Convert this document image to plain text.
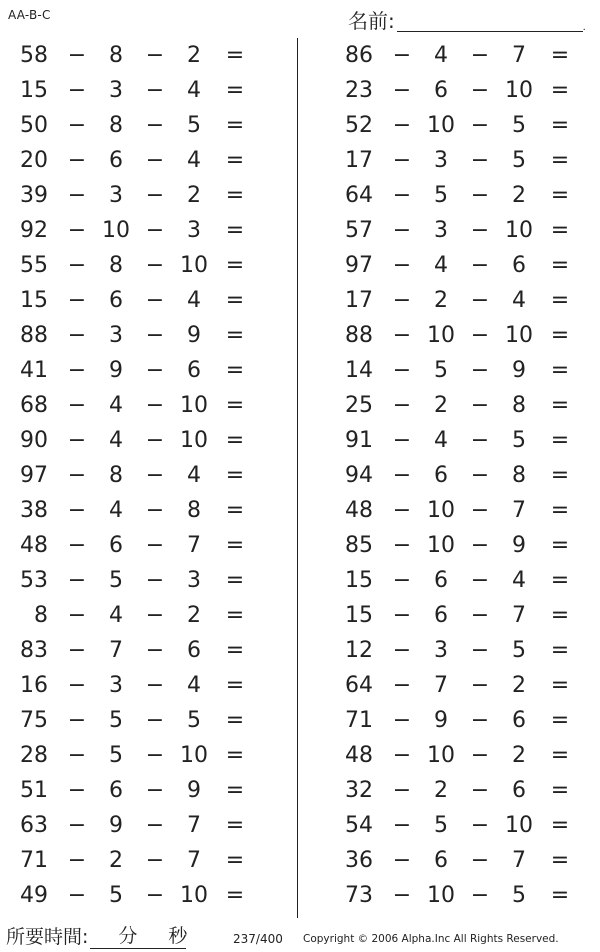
AA-B-C	名前:	.
58 −	8	−	2	=
15 −	3	−	4	=
50 −	8	−	5	=
20 −	6	−	4	=
39 −	3	−	2	=
92 − 10 −	3	=
55 −	8	− 10 =
15 −	6	−	4	=
88 −	3	−	9	=
41 −	9	−	6	=
68 −	4	− 10 =
90 −	4	− 10 =
97 −	8	−	4	=
38 −	4	−	8	=
48 −	6	−	7	=
53 −	5	−	3	=
8 −	4	−	2	=
83 −	7	−	6	=
16 −	3	−	4	=
75 −	5	−	5	=
28 −	5	− 10 =
51 −	6	−	9	=
63 −	9	−	7	=
71 −	2	−	7	=
49 −	5	− 10 =
86 −	4	−	7	=
23 −	6	− 10 =
52 − 10 −	5	=
17 −	3	−	5	=
64 −	5	−	2	=
57 −	3	− 10 =
97 −	4	−	6	=
17 −	2	−	4	=
88 − 10 − 10 =
14 −	5	−	9	=
25 −	2	−	8	=
91 −	4	−	5	=
94 −	6	−	8	=
48 − 10 −	7	=
85 − 10 −	9	=
15 −	6	−	4	=
15 −	6	−	7	=
12 −	3	−	5	=
64 −	7	−	2	=
71 −	9	−	6	=
48 − 10 −	2	=
32 −	2	−	6	=
54 −	5	− 10 =
36 −	6	−	7	=
73 − 10 −	5	=
所要時間: 分 秒	237/400 Copyright © 2006 Alpha.Inc All Rights Reserved.
